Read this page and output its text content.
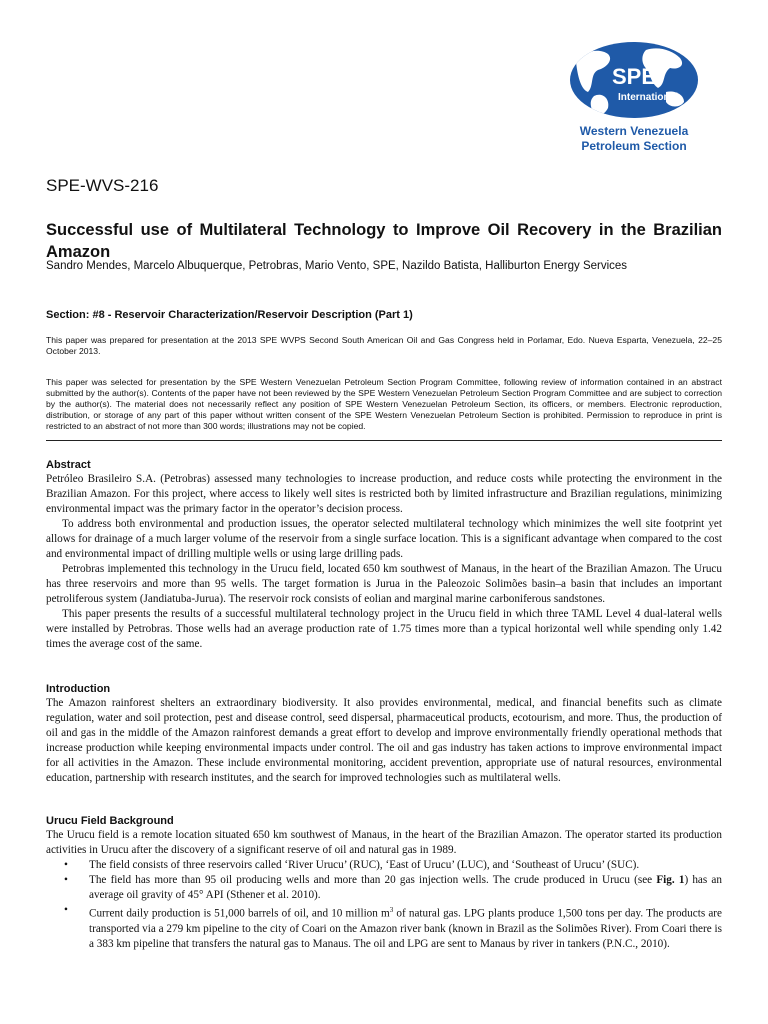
SPE
International
Western Venezuela
Petroleum Section
SPE-WVS-216
Successful use of Multilateral Technology to Improve Oil Recovery in the Brazilian Amazon
Sandro Mendes, Marcelo Albuquerque, Petrobras, Mario Vento, SPE, Nazildo Batista, Halliburton Energy Services
Section: #8 - Reservoir Characterization/Reservoir Description (Part 1)

This paper was prepared for presentation at the 2013 SPE WVPS Second South American Oil and Gas Congress held in Porlamar, Edo. Nueva Esparta, Venezuela, 22–25 October 2013.

This paper was selected for presentation by the SPE Western Venezuelan Petroleum Section Program Committee, following review of information contained in an abstract submitted by the author(s). Contents of the paper have not been reviewed by the SPE Western Venezuelan Petroleum Section Program Committee and are subject to correction by the author(s). The material does not necessarily reflect any position of SPE Western Venezuelan Petroleum Section, its officers, or members. Electronic reproduction, distribution, or storage of any part of this paper without written consent of the SPE Western Venezuelan Petroleum Section is prohibited. Permission to reproduce in print is restricted to an abstract of not more than 300 words; illustrations may not be copied.

Abstract

Petróleo Brasileiro S.A. (Petrobras) assessed many technologies to increase production, and reduce costs while protecting the environment in the Brazilian Amazon. For this project, where access to likely well sites is restricted both by limited infrastructure and Brazilian regulations, minimizing environmental impact was the primary factor in the operator’s decision process.

To address both environmental and production issues, the operator selected multilateral technology which minimizes the well site footprint yet allows for drainage of a much larger volume of the reservoir from a single surface location. This is a significant advantage when compared to the cost and environmental impact of drilling multiple wells or using large drilling pads.

Petrobras implemented this technology in the Urucu field, located 650 km southwest of Manaus, in the heart of the Brazilian Amazon. The Urucu has three reservoirs and more than 95 wells. The target formation is Jurua in the Paleozoic Solimões basin–a basin that includes an important petroliferous system (Jandiatuba-Jurua). The reservoir rock consists of eolian and marginal marine carboniferous sandstones.

This paper presents the results of a successful multilateral technology project in the Urucu field in which three TAML Level 4 dual-lateral wells were installed by Petrobras. Those wells had an average production rate of 1.75 times more than a typical horizontal well while spending only 1.42 times the average cost of the same.

Introduction

The Amazon rainforest shelters an extraordinary biodiversity. It also provides environmental, medical, and financial benefits such as climate regulation, water and soil protection, pest and disease control, seed dispersal, pharmaceutical products, ecotourism, and more. Thus, the production of oil and gas in the middle of the Amazon rainforest demands a great effort to develop and improve environmentally friendly operational methods that increase production while keeping environmental impacts under control. The oil and gas industry has taken actions to improve environmental impact for all activities in the Amazon. These include environmental monitoring, accident prevention, appropriate use of natural resources, environmental education, partnership with research institutes, and the search for improved technologies such as multilateral wells.

Urucu Field Background

The Urucu field is a remote location situated 650 km southwest of Manaus, in the heart of the Brazilian Amazon. The operator started its production activities in Urucu after the discovery of a significant reserve of oil and natural gas in 1989.

• The field consists of three reservoirs called ‘River Urucu’ (RUC), ‘East of Urucu’ (LUC), and ‘Southeast of Urucu’ (SUC).
• The field has more than 95 oil producing wells and more than 20 gas injection wells. The crude produced in Urucu (see Fig. 1) has an average oil gravity of 45° API (Sthener et al. 2010).
• Current daily production is 51,000 barrels of oil, and 10 million $m^3$ of natural gas. LPG plants produce 1,500 tons per day. The products are transported via a 279 km pipeline to the city of Coari on the Amazon river bank (known in Brazil as the Solimões River). From Coari there is a 383 km pipeline that transfers the natural gas to Manaus. The oil and LPG are sent to Manaus by river in tankers (P.N.C., 2010).
